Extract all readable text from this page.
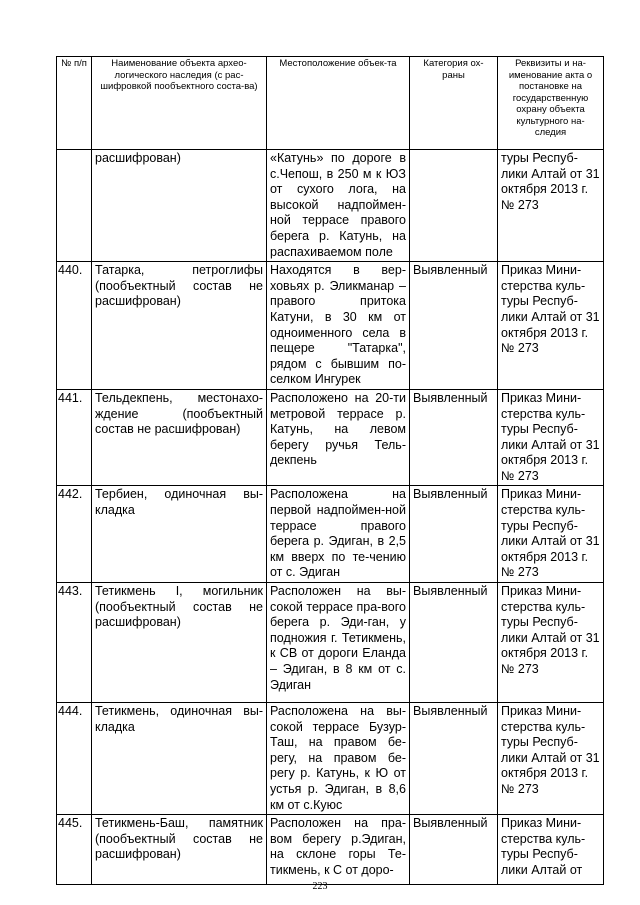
№ п/п	Наименование объекта архео-логического наследия (с рас-шифровкой пообъектного соста-ва)	Местоположение объек-та	Категория ох-раны	Реквизиты и на-именование акта о постановке на государственную охрану объекта культурного на-следия
	расшифрован)	«Катунь» по дороге в с.Чепош, в 250 м к ЮЗ от сухого лога, на высокой надпоймен-ной террасе правого берега р. Катунь, на распахиваемом поле		туры Респуб-лики Алтай от 31 октября 2013 г. № 273
440.	Татарка, петроглифы (пообъектный состав не расшифрован)	Находятся в вер-ховьях р. Эликманар – правого притока Катуни, в 30 км от одноименного села в пещере "Татарка", рядом с бывшим по-селком Ингурек	Выявленный	Приказ Мини-стерства куль-туры Респуб-лики Алтай от 31 октября 2013 г. № 273
441.	Тельдекпень, местонахо-ждение (пообъектный состав не расшифрован)	Расположено на 20-ти метровой террасе р. Катунь, на левом берегу ручья Тель-декпень	Выявленный	Приказ Мини-стерства куль-туры Респуб-лики Алтай от 31 октября 2013 г. № 273
442.	Тербиен, одиночная вы-кладка	Расположена на первой надпоймен-ной террасе правого берега р. Эдиган, в 2,5 км вверх по те-чению от с. Эдиган	Выявленный	Приказ Мини-стерства куль-туры Респуб-лики Алтай от 31 октября 2013 г. № 273
443.	Тетикмень I, могильник (пообъектный состав не расшифрован)	Расположен на вы-сокой террасе пра-вого берега р. Эди-ган, у подножия г. Тетикмень, к СВ от дороги Еланда – Эдиган, в 8 км от с. Эдиган	Выявленный	Приказ Мини-стерства куль-туры Респуб-лики Алтай от 31 октября 2013 г. № 273
444.	Тетикмень, одиночная вы-кладка	Расположена на вы-сокой террасе Бузур-Таш, на правом бе-регу, на правом бе-регу р. Катунь, к Ю от устья р. Эдиган, в 8,6 км от с.Куюс	Выявленный	Приказ Мини-стерства куль-туры Респуб-лики Алтай от 31 октября 2013 г. № 273
445.	Тетикмень-Баш, памятник (пообъектный состав не расшифрован)	Расположен на пра-вом берегу р.Эдиган, на склоне горы Те-тикмень, к С от доро-	Выявленный	Приказ Мини-стерства куль-туры Респуб-лики Алтай от
223
